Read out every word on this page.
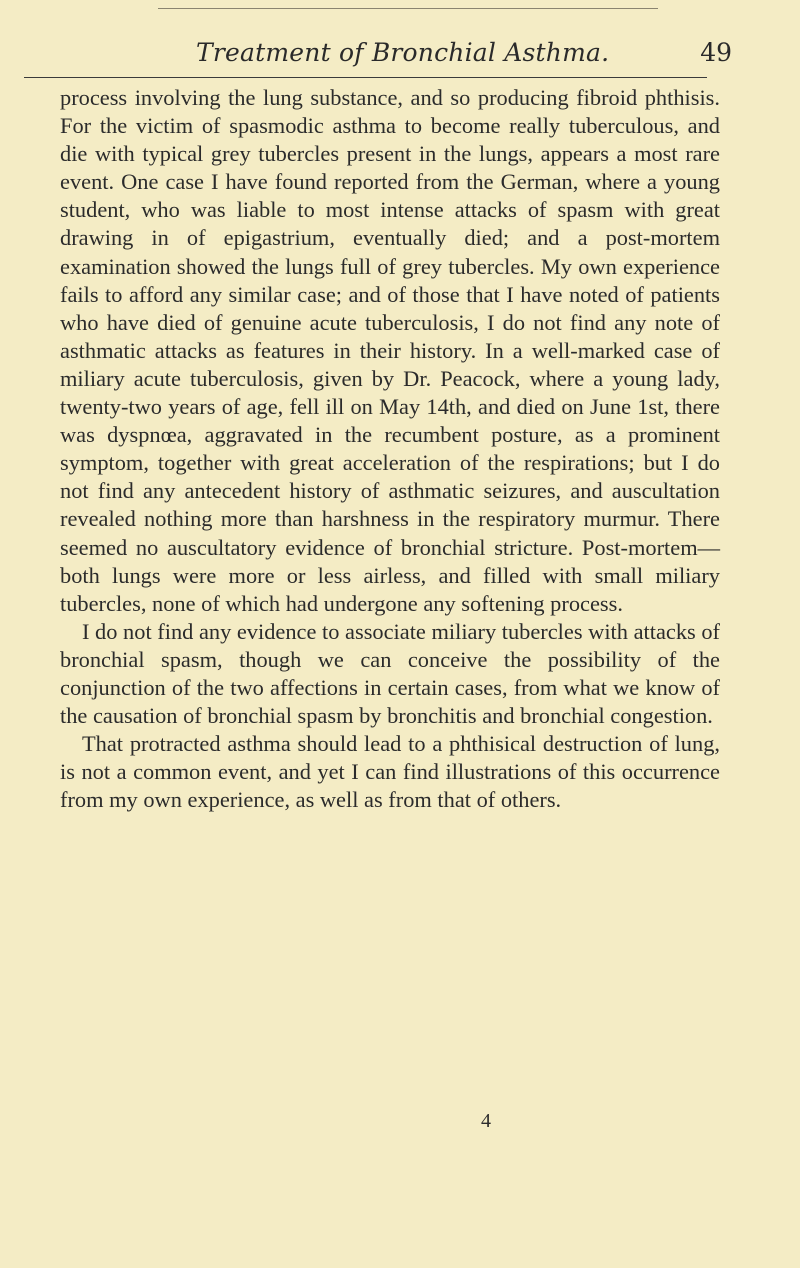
Treatment of Bronchial Asthma.	49

process involving the lung substance, and so producing fibroid phthisis. For the victim of spasmodic asthma to become really tuberculous, and die with typical grey tubercles present in the lungs, appears a most rare event. One case I have found reported from the German, where a young student, who was liable to most intense attacks of spasm with great drawing in of epigastrium, eventually died; and a post-mortem examination showed the lungs full of grey tubercles. My own experience fails to afford any similar case; and of those that I have noted of patients who have died of genuine acute tuberculosis, I do not find any note of asthmatic attacks as features in their history. In a well-marked case of miliary acute tuberculosis, given by Dr. Peacock, where a young lady, twenty-two years of age, fell ill on May 14th, and died on June 1st, there was dyspnœa, aggravated in the recumbent posture, as a prominent symptom, together with great acceleration of the respirations; but I do not find any antecedent history of asthmatic seizures, and auscultation revealed nothing more than harshness in the respiratory murmur. There seemed no auscultatory evidence of bronchial stricture. Post-mortem—both lungs were more or less airless, and filled with small miliary tubercles, none of which had undergone any softening process.

I do not find any evidence to associate miliary tubercles with attacks of bronchial spasm, though we can conceive the possibility of the conjunction of the two affections in certain cases, from what we know of the causation of bronchial spasm by bronchitis and bronchial congestion.

That protracted asthma should lead to a phthisical destruction of lung, is not a common event, and yet I can find illustrations of this occurrence from my own experience, as well as from that of others.

4
